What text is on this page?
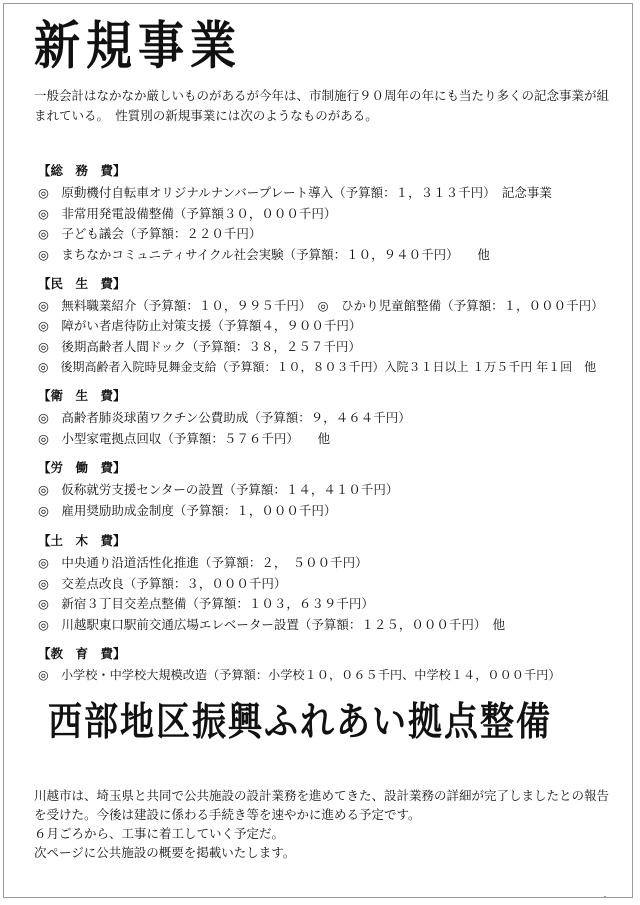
新規事業
一般会計はなかなか厳しいものがあるが今年は、市制施行９０周年の年にも当たり多くの記念事業が組まれている。　性質別の新規事業には次のようなものがある。
【総　務　費】
◎　原動機付自転車オリジナルナンバープレート導入（予算額：１，３１３千円）　記念事業
◎　非常用発電設備整備（予算額３０，０００千円）
◎　子ども議会（予算額：２２０千円）
◎　まちなかコミュニティサイクル社会実験（予算額：１０，９４０千円）　　他
【民　生　費】
◎　無料職業紹介（予算額：１０，９９５千円）　◎　ひかり児童館整備（予算額：１，０００千円）
◎　障がい者虐待防止対策支援（予算額４，９００千円）
◎　後期高齢者人間ドック（予算額：３８，２５７千円）
◎　後期高齢者入院時見舞金支給（予算額：１０，８０３千円）入院３１日以上 １万５千円 年１回　他
【衛　生　費】
◎　高齢者肺炎球菌ワクチン公費助成（予算額：９，４６４千円）
◎　小型家電拠点回収（予算額：５７６千円）　　他
【労　働　費】
◎　仮称就労支援センターの設置（予算額：１４，４１０千円）
◎　雇用奨励助成金制度（予算額：１，０００千円）
【土　木　費】
◎　中央通り沿道活性化推進（予算額：２，　５００千円）
◎　交差点改良（予算額：３，０００千円）
◎　新宿３丁目交差点整備（予算額：１０３，６３９千円）
◎　川越駅東口駅前交通広場エレベーター設置（予算額：１２５，０００千円）　他
【教　育　費】
◎　小学校・中学校大規模改造（予算額：小学校１０，０６５千円、中学校１４，０００千円）
西部地区振興ふれあい拠点整備

川越市は、埼玉県と共同で公共施設の設計業務を進めてきた、設計業務の詳細が完了しましたとの報告を受けた。今後は建設に係わる手続き等を速やかに進める予定です。

６月ごろから、工事に着工していく予定だ。

次ページに公共施設の概要を掲載いたします。
